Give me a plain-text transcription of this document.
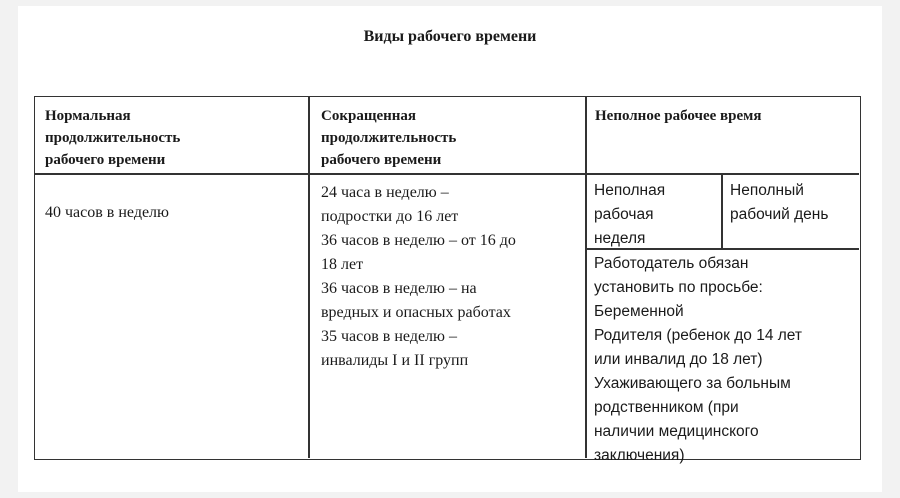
Виды рабочего времени
Нормальная
продолжительность
рабочего времени
Сокращенная
продолжительность
рабочего времени
Неполное рабочее время
40 часов в неделю
24 часа в неделю –
подростки до 16 лет
36 часов в неделю – от 16 до
18 лет
36 часов в неделю – на
вредных и опасных работах
35 часов в неделю –
инвалиды I и II групп
Неполная
рабочая
неделя
Неполный
рабочий день
Работодатель обязан
установить по просьбе:
Беременной
Родителя (ребенок до 14 лет
или инвалид до 18 лет)
Ухаживающего за больным
родственником (при
наличии медицинского
заключения)
